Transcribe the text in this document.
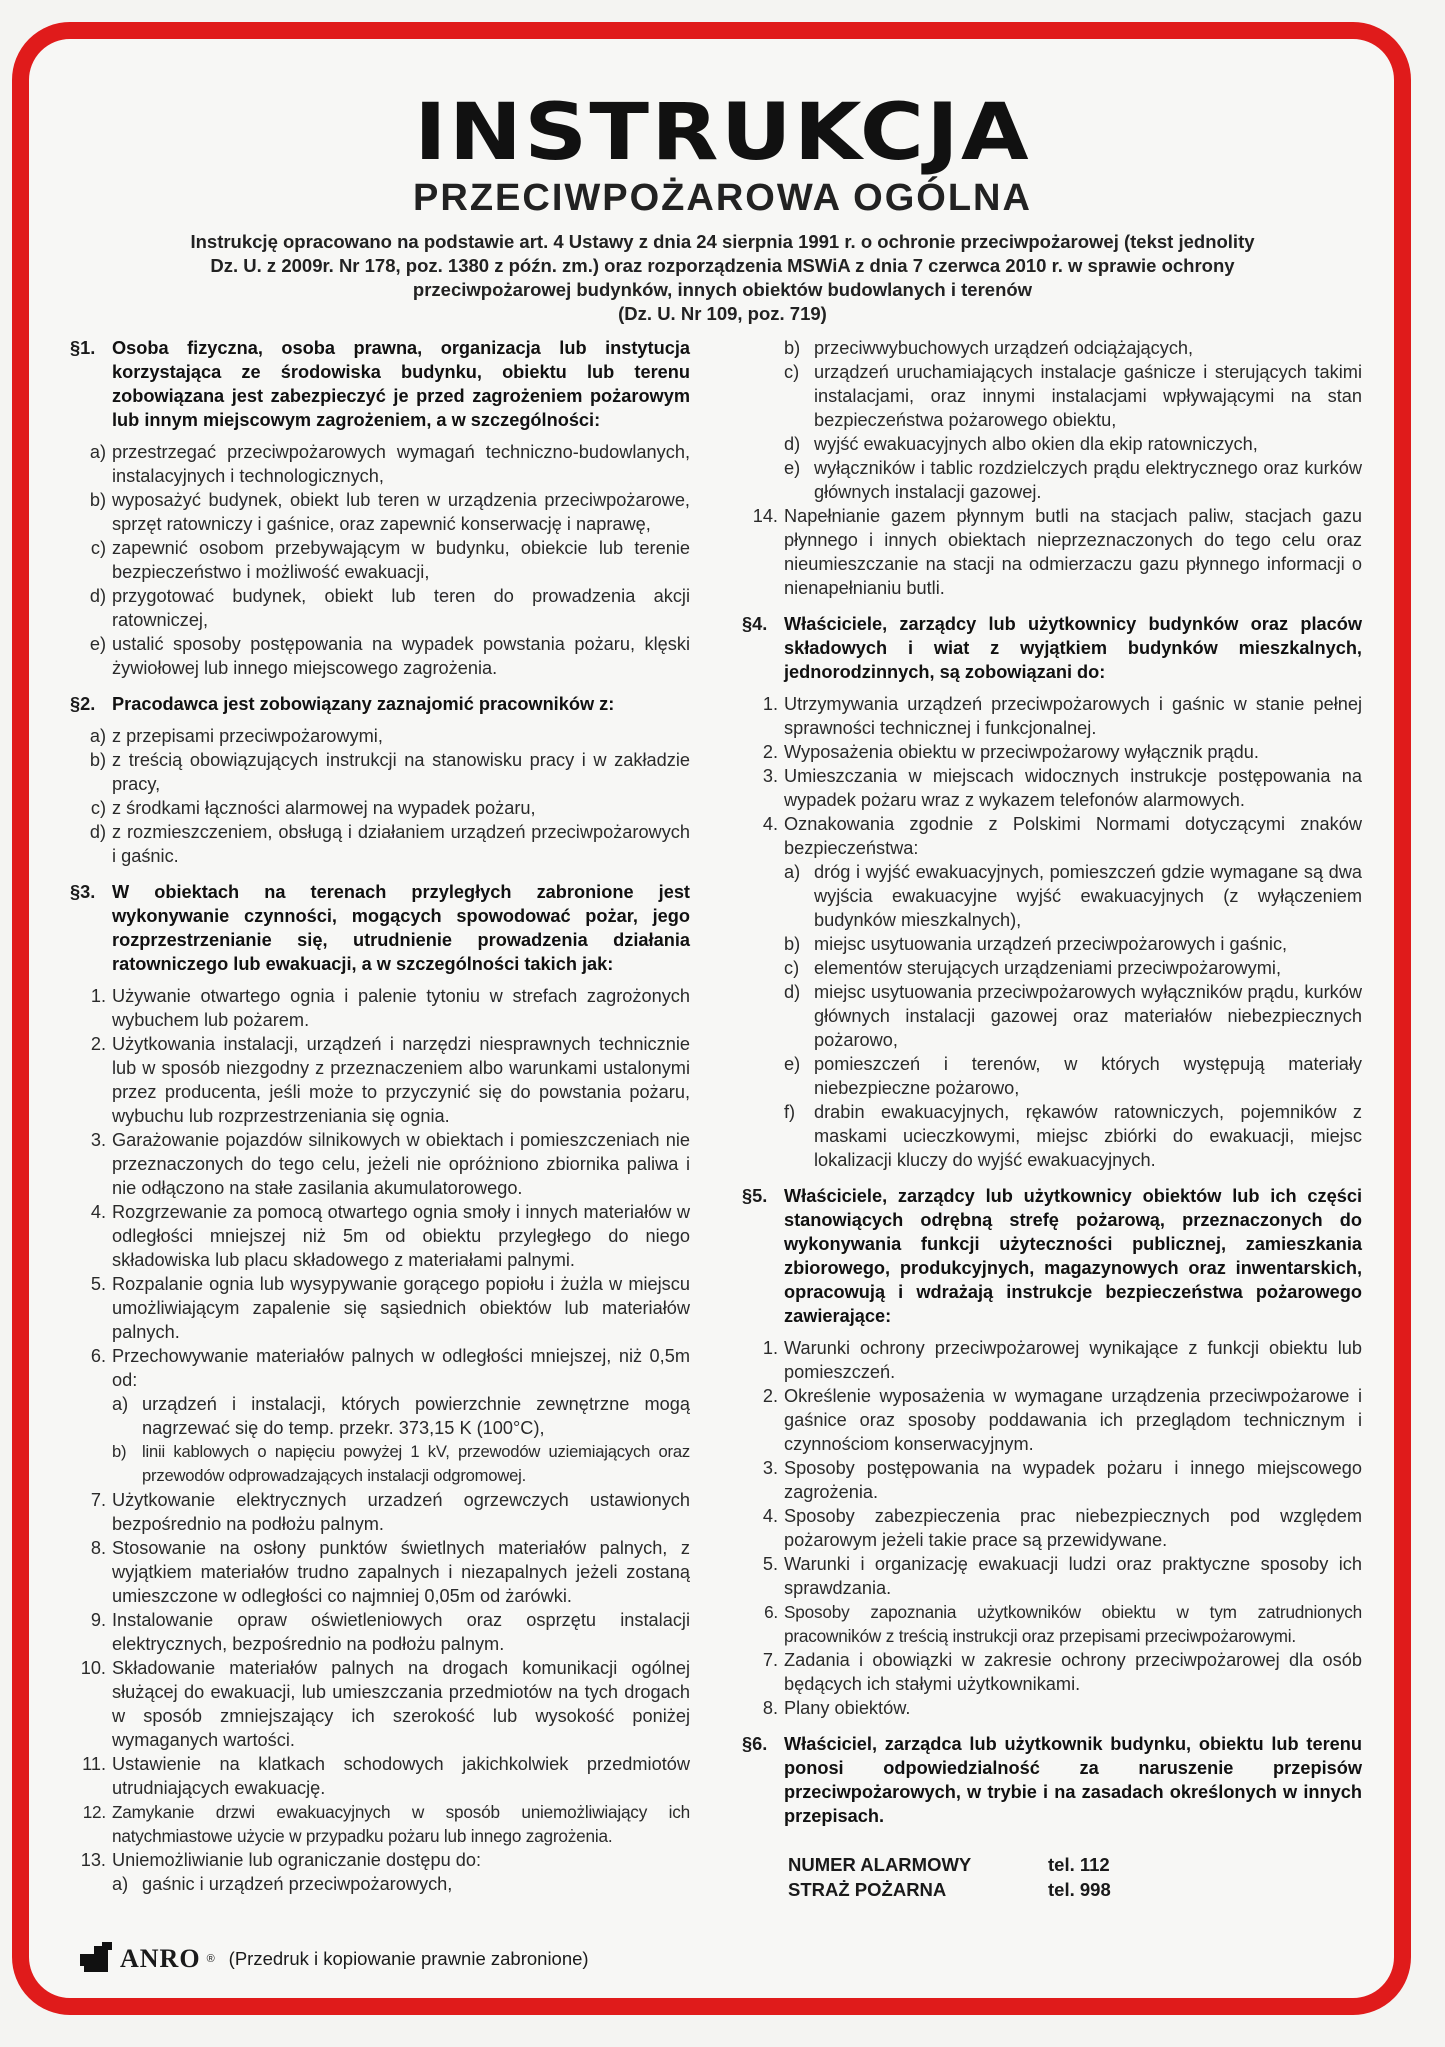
INSTRUKCJA
PRZECIWPOŻAROWA OGÓLNA
Instrukcję opracowano na podstawie art. 4 Ustawy z dnia 24 sierpnia 1991 r. o ochronie przeciwpożarowej (tekst jednolity
Dz. U. z 2009r. Nr 178, poz. 1380 z późn. zm.) oraz rozporządzenia MSWiA z dnia 7 czerwca 2010 r. w sprawie ochrony
przeciwpożarowej budynków, innych obiektów budowlanych i terenów
(Dz. U. Nr 109, poz. 719)
§1. Osoba fizyczna, osoba prawna, organizacja lub instytucja korzystająca ze środowiska budynku, obiektu lub terenu zobowiązana jest zabezpieczyć je przed zagrożeniem pożarowym lub innym miejscowym zagrożeniem, a w szczególności:
a) przestrzegać przeciwpożarowych wymagań techniczno-budowlanych, instalacyjnych i technologicznych,
b) wyposażyć budynek, obiekt lub teren w urządzenia przeciwpożarowe, sprzęt ratowniczy i gaśnice, oraz zapewnić konserwację i naprawę,
c) zapewnić osobom przebywającym w budynku, obiekcie lub terenie bezpieczeństwo i możliwość ewakuacji,
d) przygotować budynek, obiekt lub teren do prowadzenia akcji ratowniczej,
e) ustalić sposoby postępowania na wypadek powstania pożaru, klęski żywiołowej lub innego miejscowego zagrożenia.
§2. Pracodawca jest zobowiązany zaznajomić pracowników z:
a) z przepisami przeciwpożarowymi,
b) z treścią obowiązujących instrukcji na stanowisku pracy i w zakładzie pracy,
c) z środkami łączności alarmowej na wypadek pożaru,
d) z rozmieszczeniem, obsługą i działaniem urządzeń przeciwpożarowych i gaśnic.
§3. W obiektach na terenach przyległych zabronione jest wykonywanie czynności, mogących spowodować pożar, jego rozprzestrzenianie się, utrudnienie prowadzenia działania ratowniczego lub ewakuacji, a w szczególności takich jak:
1. Używanie otwartego ognia i palenie tytoniu w strefach zagrożonych wybuchem lub pożarem.
2. Użytkowania instalacji, urządzeń i narzędzi niesprawnych technicznie lub w sposób niezgodny z przeznaczeniem albo warunkami ustalonymi przez producenta, jeśli może to przyczynić się do powstania pożaru, wybuchu lub rozprzestrzeniania się ognia.
3. Garażowanie pojazdów silnikowych w obiektach i pomieszczeniach nie przeznaczonych do tego celu, jeżeli nie opróżniono zbiornika paliwa i nie odłączono na stałe zasilania akumulatorowego.
4. Rozgrzewanie za pomocą otwartego ognia smoły i innych materiałów w odległości mniejszej niż 5m od obiektu przyległego do niego składowiska lub placu składowego z materiałami palnymi.
5. Rozpalanie ognia lub wysypywanie gorącego popiołu i żużla w miejscu umożliwiającym zapalenie się sąsiednich obiektów lub materiałów palnych.
6. Przechowywanie materiałów palnych w odległości mniejszej, niż 0,5m od:
a) urządzeń i instalacji, których powierzchnie zewnętrzne mogą nagrzewać się do temp. przekr. 373,15 K (100°C),
b) linii kablowych o napięciu powyżej 1 kV, przewodów uziemiających oraz przewodów odprowadzających instalacji odgromowej.
7. Użytkowanie elektrycznych urzadzeń ogrzewczych ustawionych bezpośrednio na podłożu palnym.
8. Stosowanie na osłony punktów świetlnych materiałów palnych, z wyjątkiem materiałów trudno zapalnych i niezapalnych jeżeli zostaną umieszczone w odległości co najmniej 0,05m od żarówki.
9. Instalowanie opraw oświetleniowych oraz osprzętu instalacji elektrycznych, bezpośrednio na podłożu palnym.
10. Składowanie materiałów palnych na drogach komunikacji ogólnej służącej do ewakuacji, lub umieszczania przedmiotów na tych drogach w sposób zmniejszający ich szerokość lub wysokość poniżej wymaganych wartości.
11. Ustawienie na klatkach schodowych jakichkolwiek przedmiotów utrudniających ewakuację.
12. Zamykanie drzwi ewakuacyjnych w sposób uniemożliwiający ich natychmiastowe użycie w przypadku pożaru lub innego zagrożenia.
13. Uniemożliwianie lub ograniczanie dostępu do:
a) gaśnic i urządzeń przeciwpożarowych,
b) przeciwwybuchowych urządzeń odciążających,
c) urządzeń uruchamiających instalacje gaśnicze i sterujących takimi instalacjami, oraz innymi instalacjami wpływającymi na stan bezpieczeństwa pożarowego obiektu,
d) wyjść ewakuacyjnych albo okien dla ekip ratowniczych,
e) wyłączników i tablic rozdzielczych prądu elektrycznego oraz kurków głównych instalacji gazowej.
14. Napełnianie gazem płynnym butli na stacjach paliw, stacjach gazu płynnego i innych obiektach nieprzeznaczonych do tego celu oraz nieumieszczanie na stacji na odmierzaczu gazu płynnego informacji o nienapełnianiu butli.
§4. Właściciele, zarządcy lub użytkownicy budynków oraz placów składowych i wiat z wyjątkiem budynków mieszkalnych, jednorodzinnych, są zobowiązani do:
1. Utrzymywania urządzeń przeciwpożarowych i gaśnic w stanie pełnej sprawności technicznej i funkcjonalnej.
2. Wyposażenia obiektu w przeciwpożarowy wyłącznik prądu.
3. Umieszczania w miejscach widocznych instrukcje postępowania na wypadek pożaru wraz z wykazem telefonów alarmowych.
4. Oznakowania zgodnie z Polskimi Normami dotyczącymi znaków bezpieczeństwa:
a) dróg i wyjść ewakuacyjnych, pomieszczeń gdzie wymagane są dwa wyjścia ewakuacyjne wyjść ewakuacyjnych (z wyłączeniem budynków mieszkalnych),
b) miejsc usytuowania urządzeń przeciwpożarowych i gaśnic,
c) elementów sterujących urządzeniami przeciwpożarowymi,
d) miejsc usytuowania przeciwpożarowych wyłączników prądu, kurków głównych instalacji gazowej oraz materiałów niebezpiecznych pożarowo,
e) pomieszczeń i terenów, w których występują materiały niebezpieczne pożarowo,
f) drabin ewakuacyjnych, rękawów ratowniczych, pojemników z maskami ucieczkowymi, miejsc zbiórki do ewakuacji, miejsc lokalizacji kluczy do wyjść ewakuacyjnych.
§5. Właściciele, zarządcy lub użytkownicy obiektów lub ich części stanowiących odrębną strefę pożarową, przeznaczonych do wykonywania funkcji użyteczności publicznej, zamieszkania zbiorowego, produkcyjnych, magazynowych oraz inwentarskich, opracowują i wdrażają instrukcje bezpieczeństwa pożarowego zawierające:
1. Warunki ochrony przeciwpożarowej wynikające z funkcji obiektu lub pomieszczeń.
2. Określenie wyposażenia w wymagane urządzenia przeciwpożarowe i gaśnice oraz sposoby poddawania ich przeglądom technicznym i czynnościom konserwacyjnym.
3. Sposoby postępowania na wypadek pożaru i innego miejscowego zagrożenia.
4. Sposoby zabezpieczenia prac niebezpiecznych pod względem pożarowym jeżeli takie prace są przewidywane.
5. Warunki i organizację ewakuacji ludzi oraz praktyczne sposoby ich sprawdzania.
6. Sposoby zapoznania użytkowników obiektu w tym zatrudnionych pracowników z treścią instrukcji oraz przepisami przeciwpożarowymi.
7. Zadania i obowiązki w zakresie ochrony przeciwpożarowej dla osób będących ich stałymi użytkownikami.
8. Plany obiektów.
§6. Właściciel, zarządca lub użytkownik budynku, obiektu lub terenu ponosi odpowiedzialność za naruszenie przepisów przeciwpożarowych, w trybie i na zasadach określonych w innych przepisach.
NUMER ALARMOWY	tel. 112
STRAŻ POŻARNA	tel. 998
ANRO ® (Przedruk i kopiowanie prawnie zabronione)
